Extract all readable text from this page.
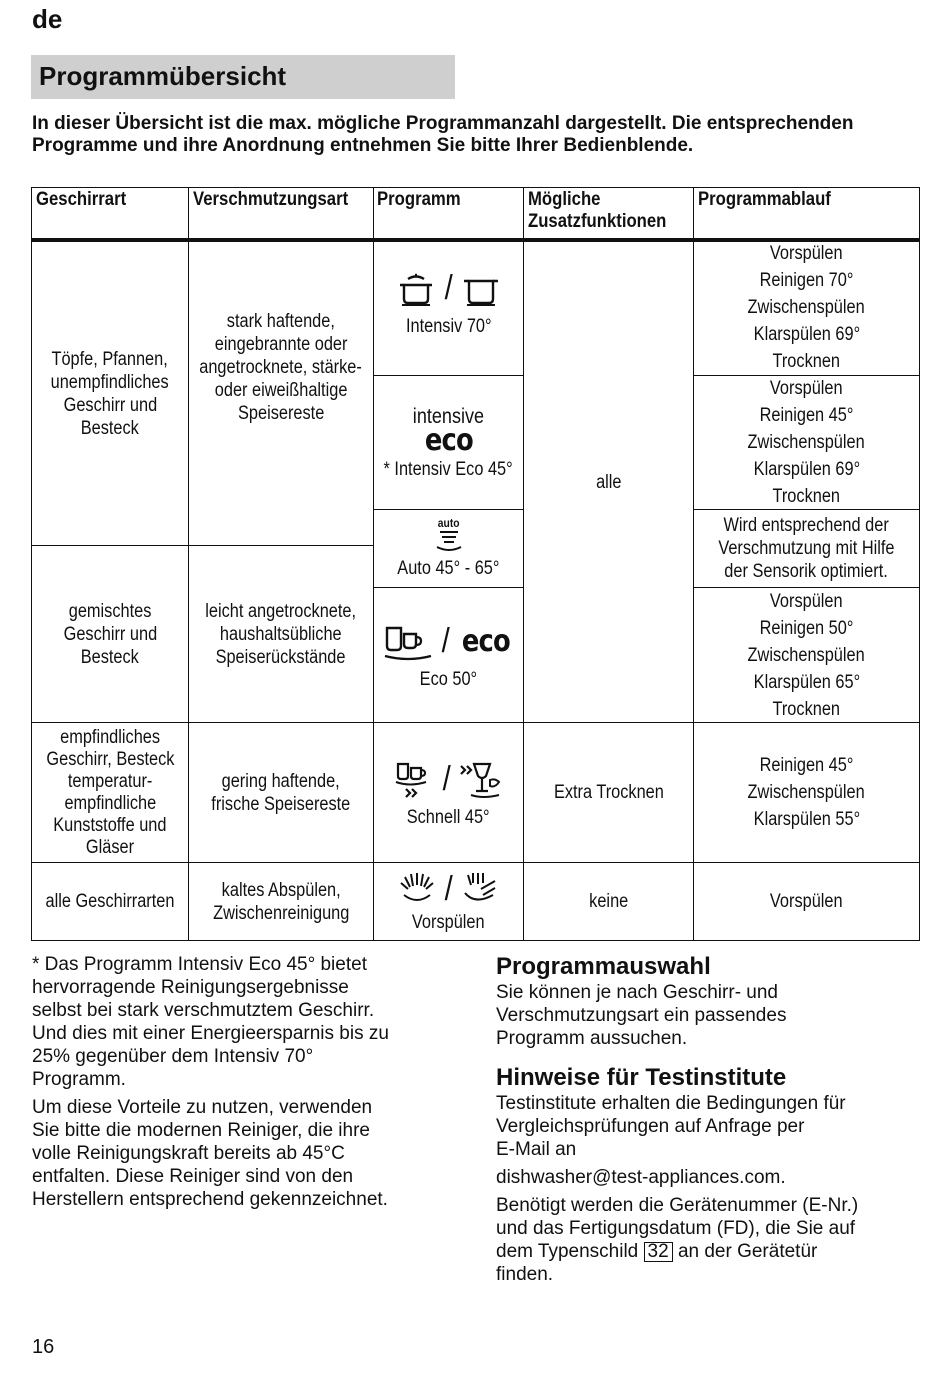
de
Programmübersicht
In dieser Übersicht ist die max. mögliche Programmanzahl dargestellt. Die entsprechenden Programme und ihre Anordnung entnehmen Sie bitte Ihrer Bedienblende.
Geschirrart	Verschmutzungsart Programm	Mögliche
Zusatzfunktionen
Programmablauf
Töpfe, Pfannen,
unempfindliches
Geschirr und
Besteck
gemischtes
Geschirr und
Besteck
empfindliches
Geschirr, Besteck
temperatur-
empfindliche
Kunststoffe und
Gläser
alle Geschirrarten
stark haftende,
eingebrannte oder
angetrocknete, stärke-
oder eiweißhaltige
Speisereste
leicht angetrocknete,
haushaltsübliche
Speiserückstände
gering haftende,
frische Speisereste
kaltes Abspülen,
Zwischenreinigung
/
Intensiv 70°
intensive
eco
* Intensiv Eco 45°
auto
Auto 45° - 65°
/ eco
Eco 50°
/
Schnell 45°
/
Vorspülen
alle
Extra Trocknen
keine
Vorspülen
Reinigen 70°
Zwischenspülen
Klarspülen 69°
Trocknen
Vorspülen
Reinigen 45°
Zwischenspülen
Klarspülen 69°
Trocknen
Wird entsprechend der
Verschmutzung mit Hilfe
der Sensorik optimiert.
Vorspülen
Reinigen 50°
Zwischenspülen
Klarspülen 65°
Trocknen
Reinigen 45°
Zwischenspülen
Klarspülen 55°
Vorspülen

* Das Programm Intensiv Eco 45° bietet
hervorragende Reinigungsergebnisse
selbst bei stark verschmutztem Geschirr.
Und dies mit einer Energieersparnis bis zu
25% gegenüber dem Intensiv 70°
Programm.

Um diese Vorteile zu nutzen, verwenden
Sie bitte die modernen Reiniger, die ihre
volle Reinigungskraft bereits ab 45°C
entfalten. Diese Reiniger sind von den
Herstellern entsprechend gekennzeichnet.

Programmauswahl

Sie können je nach Geschirr- und
Verschmutzungsart ein passendes
Programm aussuchen.

Hinweise für Testinstitute

Testinstitute erhalten die Bedingungen für
Vergleichsprüfungen auf Anfrage per
E-Mail an

dishwasher@test-appliances.com.

Benötigt werden die Gerätenummer (E-Nr.)
und das Fertigungsdatum (FD), die Sie auf
dem Typenschild 32 an der Gerätetür
finden.

16
